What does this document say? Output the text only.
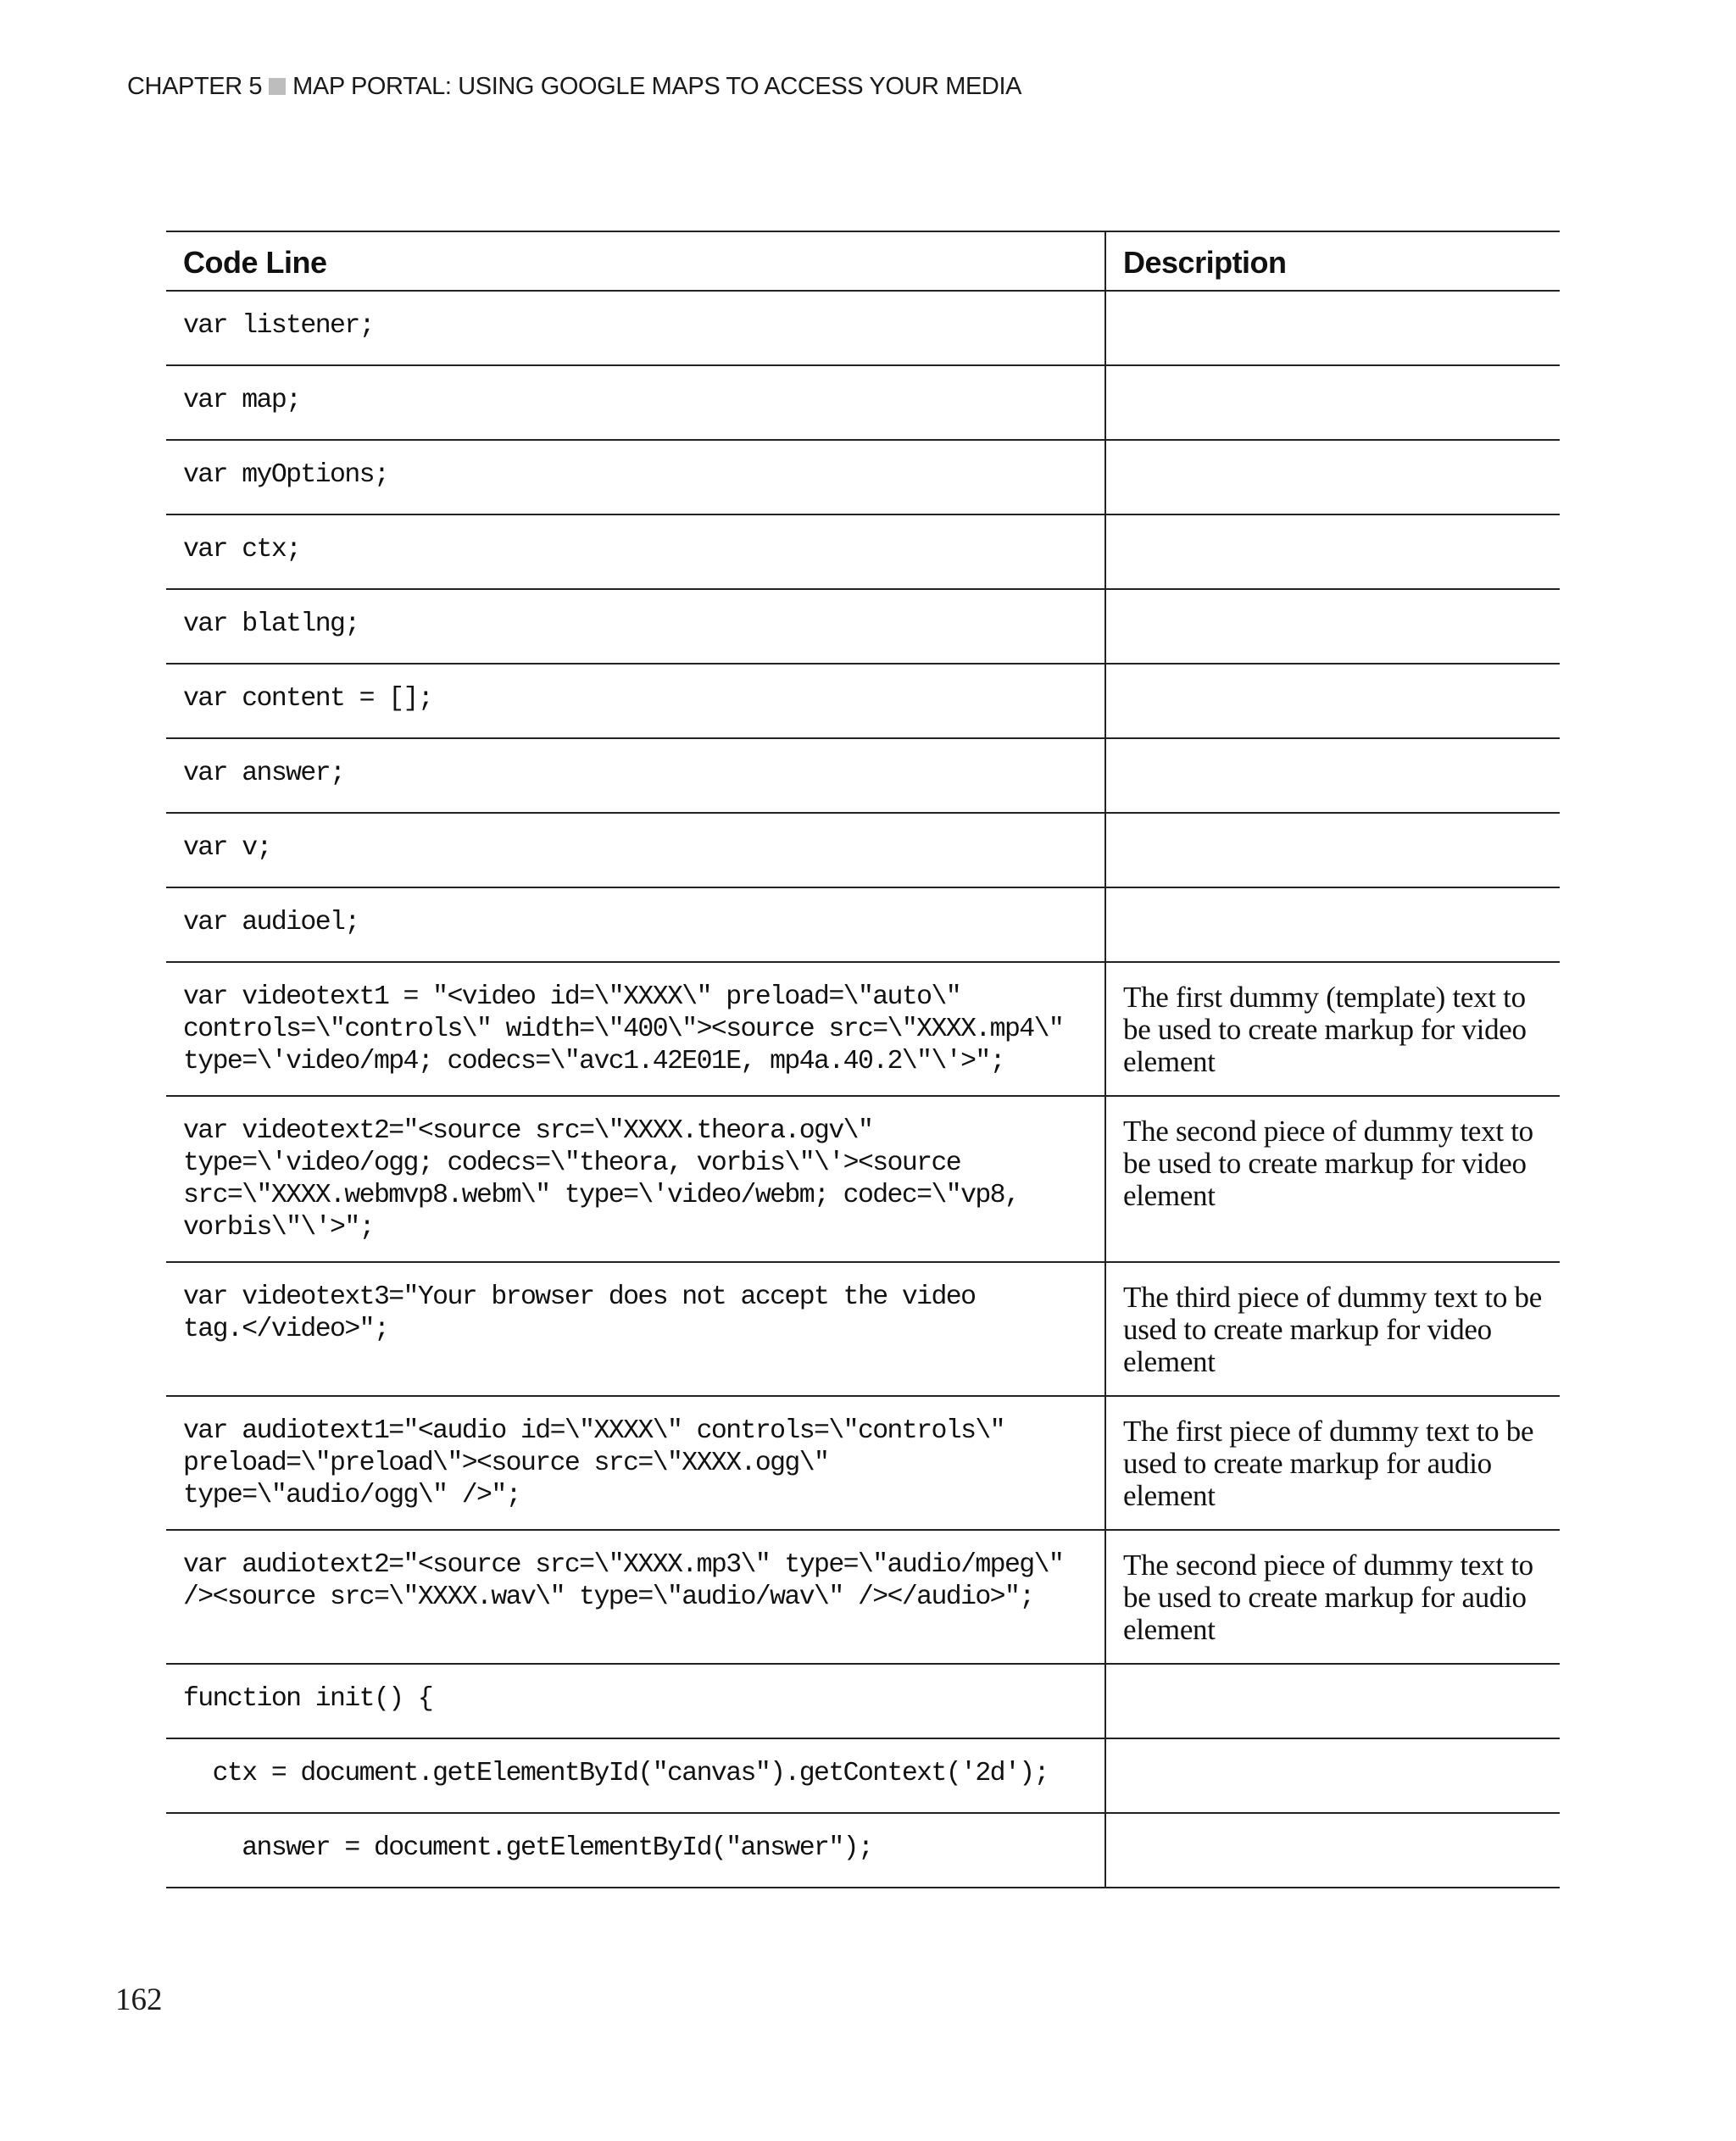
CHAPTER 5 MAP PORTAL: USING GOOGLE MAPS TO ACCESS YOUR MEDIA
Code Line	Description
var listener;	
var map;	
var myOptions;	
var ctx;	
var blatlng;	
var content = [];	
var answer;	
var v;	
var audioel;	
var videotext1 = "<video id=\"XXXX\" preload=\"auto\"
controls=\"controls\" width=\"400\"><source src=\"XXXX.mp4\"
type=\'video/mp4; codecs=\"avc1.42E01E, mp4a.40.2\"\'>";	The first dummy (template) text to be used to create markup for video element
var videotext2="<source src=\"XXXX.theora.ogv\"
type=\'video/ogg; codecs=\"theora, vorbis\"\'><source
src=\"XXXX.webmvp8.webm\" type=\'video/webm; codec=\"vp8,
vorbis\"\'>";	The second piece of dummy text to be used to create markup for video element
var videotext3="Your browser does not accept the video
tag.</video>";	The third piece of dummy text to be used to create markup for video element
var audiotext1="<audio id=\"XXXX\" controls=\"controls\"
preload=\"preload\"><source src=\"XXXX.ogg\"
type=\"audio/ogg\" />";	The first piece of dummy text to be used to create markup for audio element
var audiotext2="<source src=\"XXXX.mp3\" type=\"audio/mpeg\"
/><source src=\"XXXX.wav\" type=\"audio/wav\" /></audio>";	The second piece of dummy text to be used to create markup for audio element
function init() {	
ctx = document.getElementById("canvas").getContext('2d');	
answer = document.getElementById("answer");	
162
